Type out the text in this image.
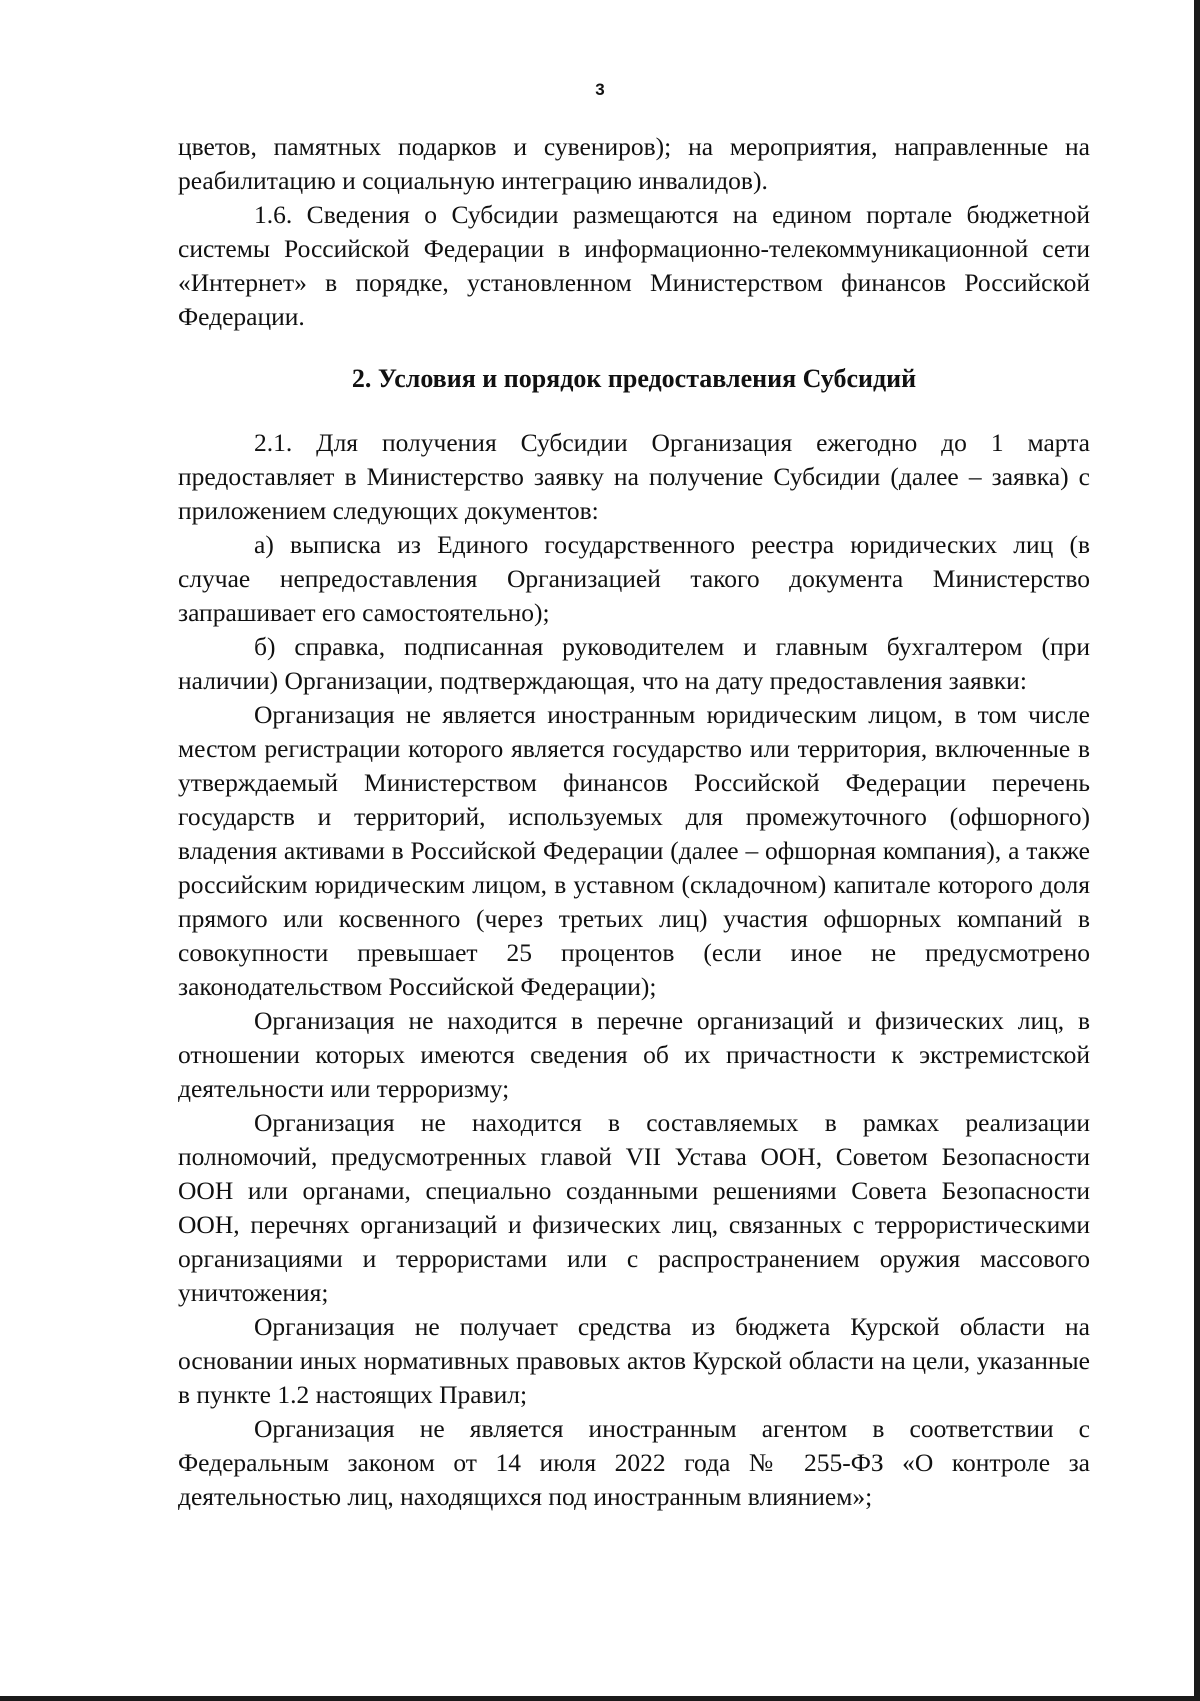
3

цветов, памятных подарков и сувениров); на мероприятия, направленные на реабилитацию и социальную интеграцию инвалидов).

1.6. Сведения о Субсидии размещаются на едином портале бюджетной системы Российской Федерации в информационно-телекоммуникационной сети «Интернет» в порядке, установленном Министерством финансов Российской Федерации.

2. Условия и порядок предоставления Субсидий

2.1. Для получения Субсидии Организация ежегодно до 1 марта предоставляет в Министерство заявку на получение Субсидии (далее – заявка) с приложением следующих документов:

а) выписка из Единого государственного реестра юридических лиц (в случае непредоставления Организацией такого документа Министерство запрашивает его самостоятельно);

б) справка, подписанная руководителем и главным бухгалтером (при наличии) Организации, подтверждающая, что на дату предоставления заявки:

Организация не является иностранным юридическим лицом, в том числе местом регистрации которого является государство или территория, включенные в утверждаемый Министерством финансов Российской Федерации перечень государств и территорий, используемых для промежуточного (офшорного) владения активами в Российской Федерации (далее – офшорная компания), а также российским юридическим лицом, в уставном (складочном) капитале которого доля прямого или косвенного (через третьих лиц) участия офшорных компаний в совокупности превышает 25 процентов (если иное не предусмотрено законодательством Российской Федерации);

Организация не находится в перечне организаций и физических лиц, в отношении которых имеются сведения об их причастности к экстремистской деятельности или терроризму;

Организация не находится в составляемых в рамках реализации полномочий, предусмотренных главой VII Устава ООН, Советом Безопасности ООН или органами, специально созданными решениями Совета Безопасности ООН, перечнях организаций и физических лиц, связанных с террористическими организациями и террористами или с распространением оружия массового уничтожения;

Организация не получает средства из бюджета Курской области на основании иных нормативных правовых актов Курской области на цели, указанные в пункте 1.2 настоящих Правил;

Организация не является иностранным агентом в соответствии с Федеральным законом от 14 июля 2022 года № 255-ФЗ «О контроле за деятельностью лиц, находящихся под иностранным влиянием»;
